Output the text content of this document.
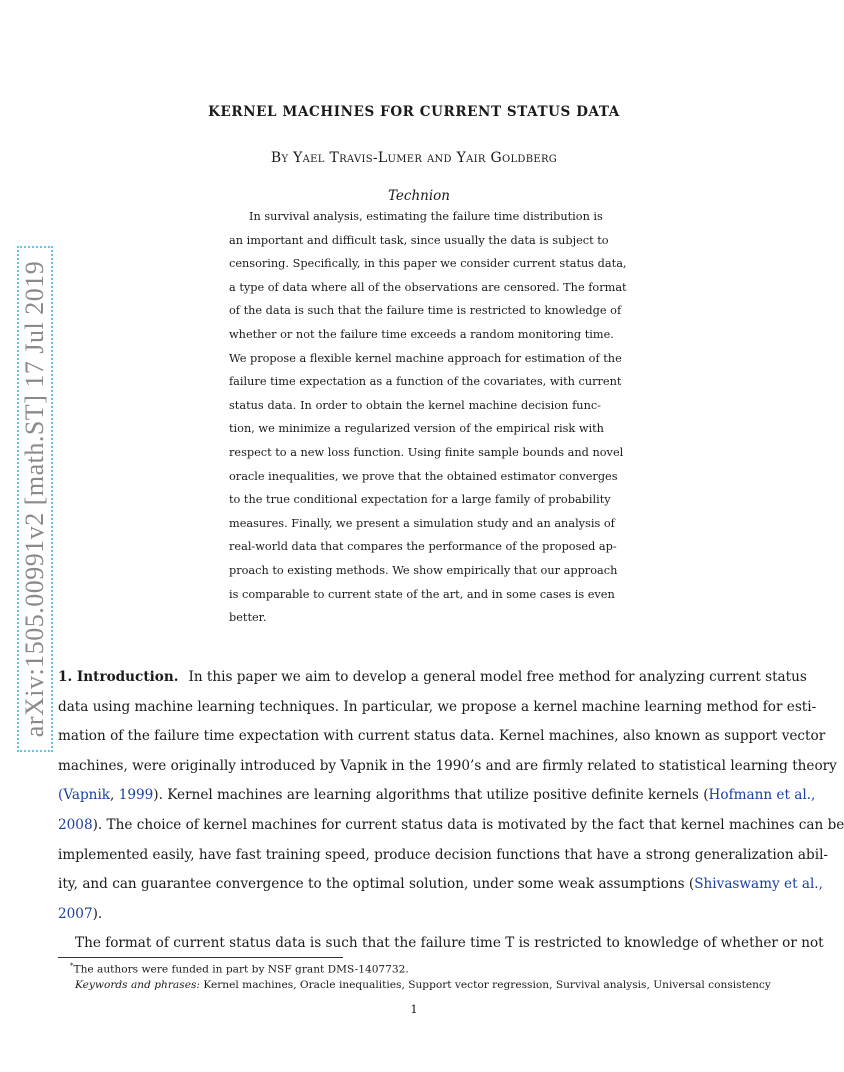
arXiv:1505.00991v2 [math.ST] 17 Jul 2019
KERNEL MACHINES FOR CURRENT STATUS DATA
By Yael Travis-Lumer and Yair Goldberg
Technion
In survival analysis, estimating the failure time distribution is
an important and difficult task, since usually the data is subject to
censoring. Specifically, in this paper we consider current status data,
a type of data where all of the observations are censored. The format
of the data is such that the failure time is restricted to knowledge of
whether or not the failure time exceeds a random monitoring time.
We propose a flexible kernel machine approach for estimation of the
failure time expectation as a function of the covariates, with current
status data. In order to obtain the kernel machine decision func-
tion, we minimize a regularized version of the empirical risk with
respect to a new loss function. Using finite sample bounds and novel
oracle inequalities, we prove that the obtained estimator converges
to the true conditional expectation for a large family of probability
measures. Finally, we present a simulation study and an analysis of
real-world data that compares the performance of the proposed ap-
proach to existing methods. We show empirically that our approach
is comparable to current state of the art, and in some cases is even
better.
1. Introduction. In this paper we aim to develop a general model free method for analyzing current status
data using machine learning techniques. In particular, we propose a kernel machine learning method for esti-
mation of the failure time expectation with current status data. Kernel machines, also known as support vector
machines, were originally introduced by Vapnik in the 1990’s and are firmly related to statistical learning theory
(Vapnik, 1999). Kernel machines are learning algorithms that utilize positive definite kernels (Hofmann et al.,
2008). The choice of kernel machines for current status data is motivated by the fact that kernel machines can be
implemented easily, have fast training speed, produce decision functions that have a strong generalization abil-
ity, and can guarantee convergence to the optimal solution, under some weak assumptions (Shivaswamy et al.,
2007).
The format of current status data is such that the failure time T is restricted to knowledge of whether or not
*The authors were funded in part by NSF grant DMS-1407732.
Keywords and phrases: Kernel machines, Oracle inequalities, Support vector regression, Survival analysis, Universal consistency
1
